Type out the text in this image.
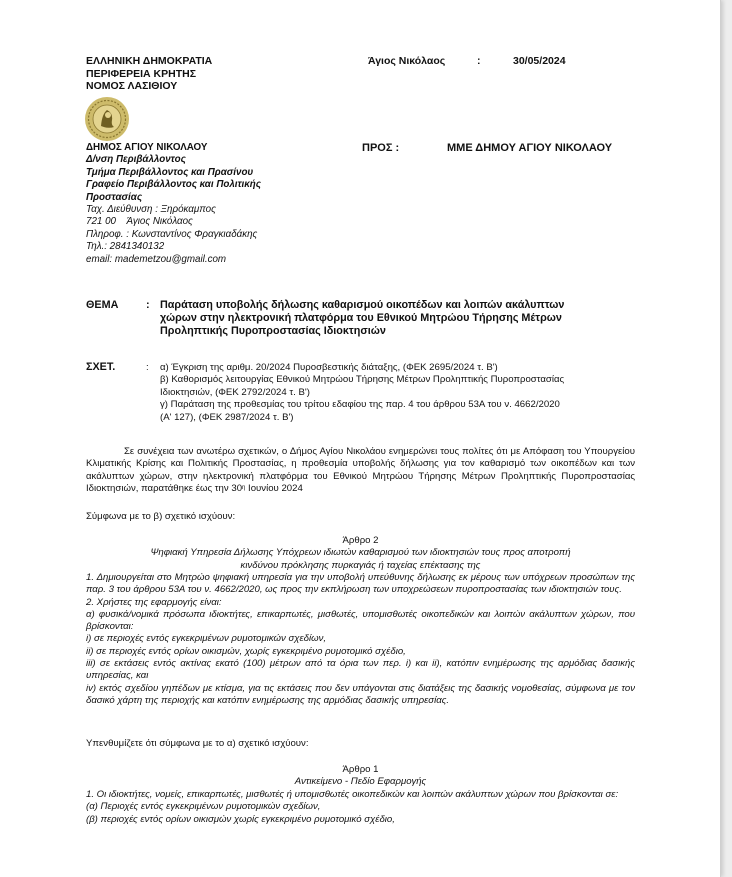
ΕΛΛΗΝΙΚΗ ΔΗΜΟΚΡΑΤΙΑ
ΠΕΡΙΦΕΡΕΙΑ ΚΡΗΤΗΣ
ΝΟΜΟΣ ΛΑΣΙΘΙΟΥ
Άγιος Νικόλαος	:	30/05/2024
ΔΗΜΟΣ ΑΓΙΟΥ ΝΙΚΟΛΑΟΥ
Δ/νση Περιβάλλοντος
Τμήμα Περιβάλλοντος και Πρασίνου
Γραφείο Περιβάλλοντος και Πολιτικής
Προστασίας
Ταχ. Διεύθυνση : Ξηρόκαμπος
721 00    Άγιος Νικόλαος
Πληροφ. : Κωνσταντίνος Φραγκιαδάκης
Τηλ.: 2841340132
email: mademetzou@gmail.com
ΠΡΟΣ :	ΜΜΕ ΔΗΜΟΥ ΑΓΙΟΥ ΝΙΚΟΛΑΟΥ
ΘΕΜΑ	: Παράταση υποβολής δήλωσης καθαρισμού οικοπέδων και λοιπών ακάλυπτων
χώρων στην ηλεκτρονική πλατφόρμα του Εθνικού Μητρώου Τήρησης Μέτρων
Προληπτικής Πυροπροστασίας Ιδιοκτησιών
ΣΧΕΤ.	: α) Έγκριση της αριθμ. 20/2024 Πυροσβεστικής διάταξης, (ΦΕΚ 2695/2024 τ. Β')
β) Καθορισμός λειτουργίας Εθνικού Μητρώου Τήρησης Μέτρων Προληπτικής Πυροπροστασίας
Ιδιοκτησιών, (ΦΕΚ 2792/2024 τ. Β')
γ) Παράταση της προθεσμίας του τρίτου εδαφίου της παρ. 4 του άρθρου 53Α του ν. 4662/2020
(Α' 127), (ΦΕΚ 2987/2024 τ. Β')
Σε συνέχεια των ανωτέρω σχετικών, ο Δήμος Αγίου Νικολάου ενημερώνει τους πολίτες ότι με Απόφαση του Υπουργείου Κλιματικής Κρίσης και Πολιτικής Προστασίας, η προθεσμία υποβολής δήλωσης για τον καθαρισμό των οικοπέδων και των ακάλυπτων χώρων, στην ηλεκτρονική πλατφόρμα του Εθνικού Μητρώου Τήρησης Μέτρων Προληπτικής Πυροπροστασίας Ιδιοκτησιών, παρατάθηκε έως την $30^\eta$ Ιουνίου 2024
Σύμφωνα με το β) σχετικό ισχύουν:
Άρθρο 2
Ψηφιακή Υπηρεσία Δήλωσης Υπόχρεων ιδιωτών καθαρισμού των ιδιοκτησιών τους προς αποτροπή
κινδύνου πρόκλησης πυρκαγιάς ή ταχείας επέκτασης της
1. Δημιουργείται στο Μητρώο ψηφιακή υπηρεσία για την υποβολή υπεύθυνης δήλωσης εκ μέρους των υπόχρεων προσώπων της παρ. 3 του άρθρου 53Α του ν. 4662/2020, ως προς την εκπλήρωση των υποχρεώσεων πυροπροστασίας των ιδιοκτησιών τους.
2. Χρήστες της εφαρμογής είναι:
α) φυσικά/νομικά πρόσωπα ιδιοκτήτες, επικαρπωτές, μισθωτές, υπομισθωτές οικοπεδικών και λοιπών ακάλυπτων χώρων, που βρίσκονται:
i) σε περιοχές εντός εγκεκριμένων ρυμοτομικών σχεδίων,
ii) σε περιοχές εντός ορίων οικισμών, χωρίς εγκεκριμένο ρυμοτομικό σχέδιο,
iii) σε εκτάσεις εντός ακτίνας εκατό (100) μέτρων από τα όρια των περ. i) και ii), κατόπιν ενημέρωσης της αρμόδιας δασικής υπηρεσίας, και
iv) εκτός σχεδίου γηπέδων με κτίσμα, για τις εκτάσεις που δεν υπάγονται στις διατάξεις της δασικής νομοθεσίας, σύμφωνα με τον δασικό χάρτη της περιοχής και κατόπιν ενημέρωσης της αρμόδιας δασικής υπηρεσίας.
Υπενθυμίζετε ότι σύμφωνα με το α) σχετικό ισχύουν:
Άρθρο 1
Αντικείμενο - Πεδίο Εφαρμογής
1. Οι ιδιοκτήτες, νομείς, επικαρπωτές, μισθωτές ή υπομισθωτές οικοπεδικών και λοιπών ακάλυπτων χώρων που βρίσκονται σε:
(α) Περιοχές εντός εγκεκριμένων ρυμοτομικών σχεδίων,
(β) περιοχές εντός ορίων οικισμών χωρίς εγκεκριμένο ρυμοτομικό σχέδιο,
